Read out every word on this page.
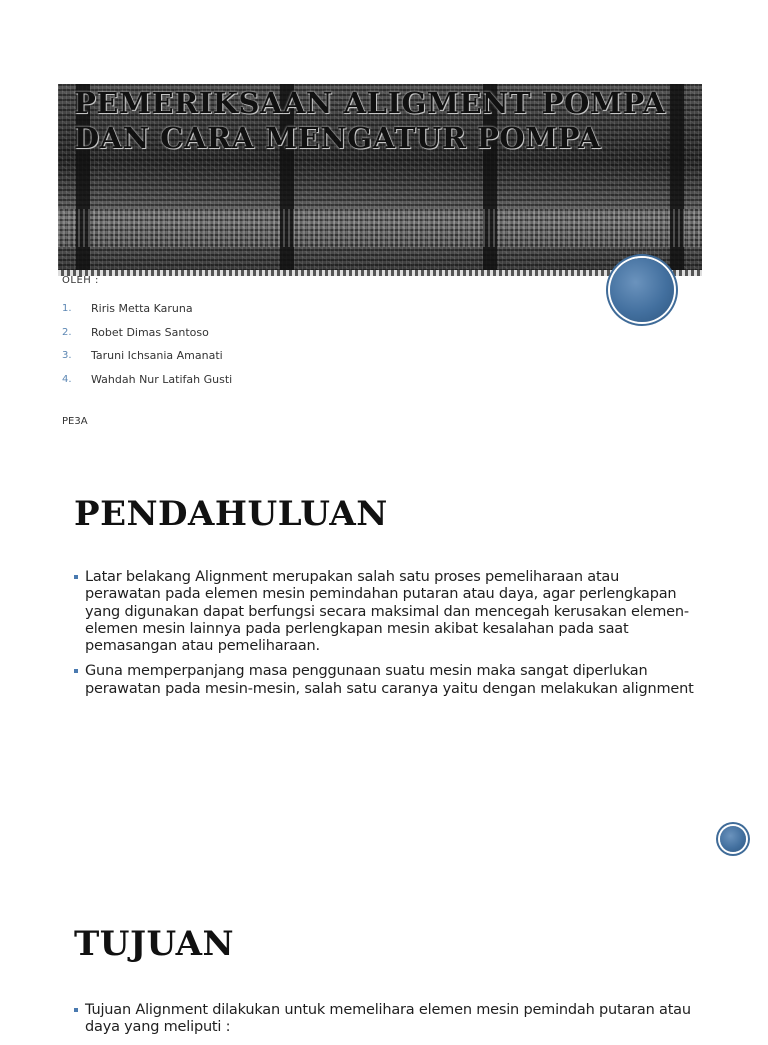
PEMERIKSAAN ALIGMENT POMPA DAN CARA MENGATUR POMPA
OLEH :
1.	Riris Metta Karuna
2.	Robet Dimas Santoso
3.	Taruni Ichsania Amanati
4.	Wahdah Nur Latifah Gusti
PE3A
PENDAHULUAN
Latar belakang Alignment merupakan salah satu proses pemeliharaan atau perawatan pada elemen mesin pemindahan putaran atau daya, agar perlengkapan yang digunakan dapat berfungsi secara maksimal dan mencegah kerusakan elemen-elemen mesin lainnya pada perlengkapan mesin akibat kesalahan pada saat pemasangan atau pemeliharaan.
Guna memperpanjang masa penggunaan suatu mesin maka sangat diperlukan perawatan pada mesin-mesin, salah satu caranya yaitu dengan melakukan alignment
TUJUAN
Tujuan Alignment dilakukan untuk memelihara elemen mesin pemindah putaran atau daya yang meliputi :
